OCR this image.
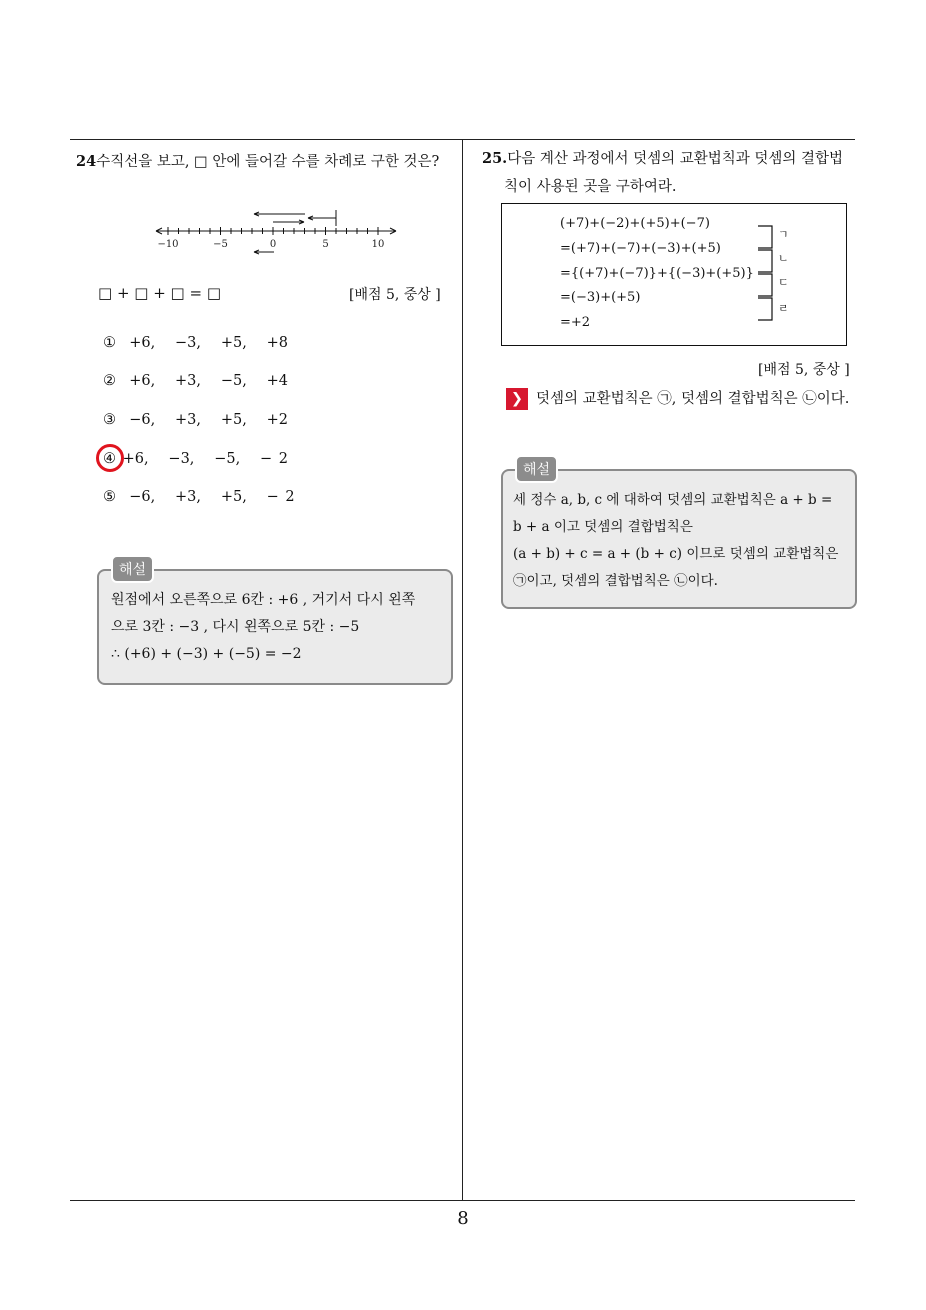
24수직선을 보고, □ 안에 들어갈 수를 차례로 구한 것은?
−10	−5	0	5	10
□ + □ + □ = □	[배점 5, 중상 ]
① +6,   −3,   +5,   +8
② +6,   +3,   −5,   +4
③ −6,   +3,   +5,   +2
④ +6,   −3,   −5,   − 2
⑤ −6,   +3,   +5,   − 2
해설
원점에서 오른쪽으로 6칸 : +6 , 거기서 다시 왼쪽
으로 3칸 : −3 , 다시 왼쪽으로 5칸 : −5
∴ (+6) + (−3) + (−5) = −2
25.다음 계산 과정에서 덧셈의 교환법칙과 덧셈의 결합법
칙이 사용된 곳을 구하여라.
(+7)+(−2)+(+5)+(−7)
=(+7)+(−7)+(−3)+(+5)
={(+7)+(−7)}+{(−3)+(+5)}
=(−3)+(+5)
=+2
ㄱ
ㄴ
ㄷ
ㄹ
[배점 5, 중상 ]
❯ 덧셈의 교환법칙은 ㉠, 덧셈의 결합법칙은 ㉡이다.
해설
세 정수 a, b, c 에 대하여 덧셈의 교환법칙은 a + b =
b + a 이고 덧셈의 결합법칙은
(a + b) + c = a + (b + c) 이므로 덧셈의 교환법칙은
㉠이고, 덧셈의 결합법칙은 ㉡이다.
8
